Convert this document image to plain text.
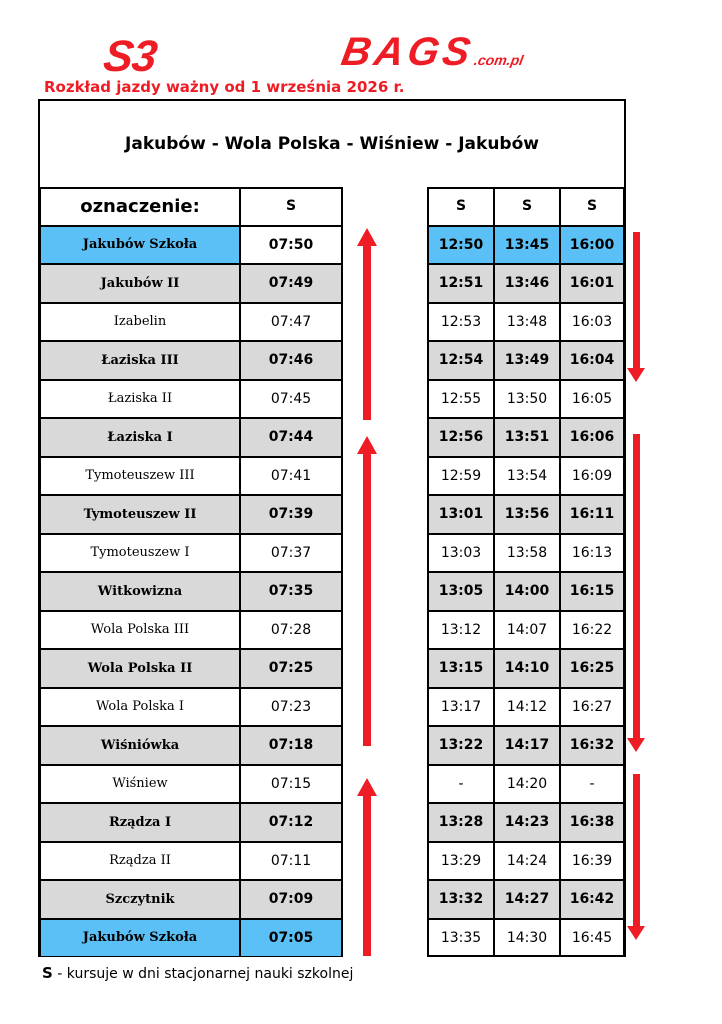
S3	BAGS.com.pl
Rozkład jazdy ważny od 1 września 2026 r.
Jakubów - Wola Polska - Wiśniew - Jakubów
oznaczenie:	S	S	S	S
Jakubów Szkoła	07:50	12:50	13:45	16:00
Jakubów II	07:49	12:51	13:46	16:01
Izabelin	07:47	12:53	13:48	16:03
Łaziska III	07:46	12:54	13:49	16:04
Łaziska II	07:45	12:55	13:50	16:05
Łaziska I	07:44	12:56	13:51	16:06
Tymoteuszew III	07:41	12:59	13:54	16:09
Tymoteuszew II	07:39	13:01	13:56	16:11
Tymoteuszew I	07:37	13:03	13:58	16:13
Witkowizna	07:35	13:05	14:00	16:15
Wola Polska III	07:28	13:12	14:07	16:22
Wola Polska II	07:25	13:15	14:10	16:25
Wola Polska I	07:23	13:17	14:12	16:27
Wiśniówka	07:18	13:22	14:17	16:32
Wiśniew	07:15	-	14:20	-
Rządza I	07:12	13:28	14:23	16:38
Rządza II	07:11	13:29	14:24	16:39
Szczytnik	07:09	13:32	14:27	16:42
Jakubów Szkoła	07:05	13:35	14:30	16:45
S - kursuje w dni stacjonarnej nauki szkolnej
